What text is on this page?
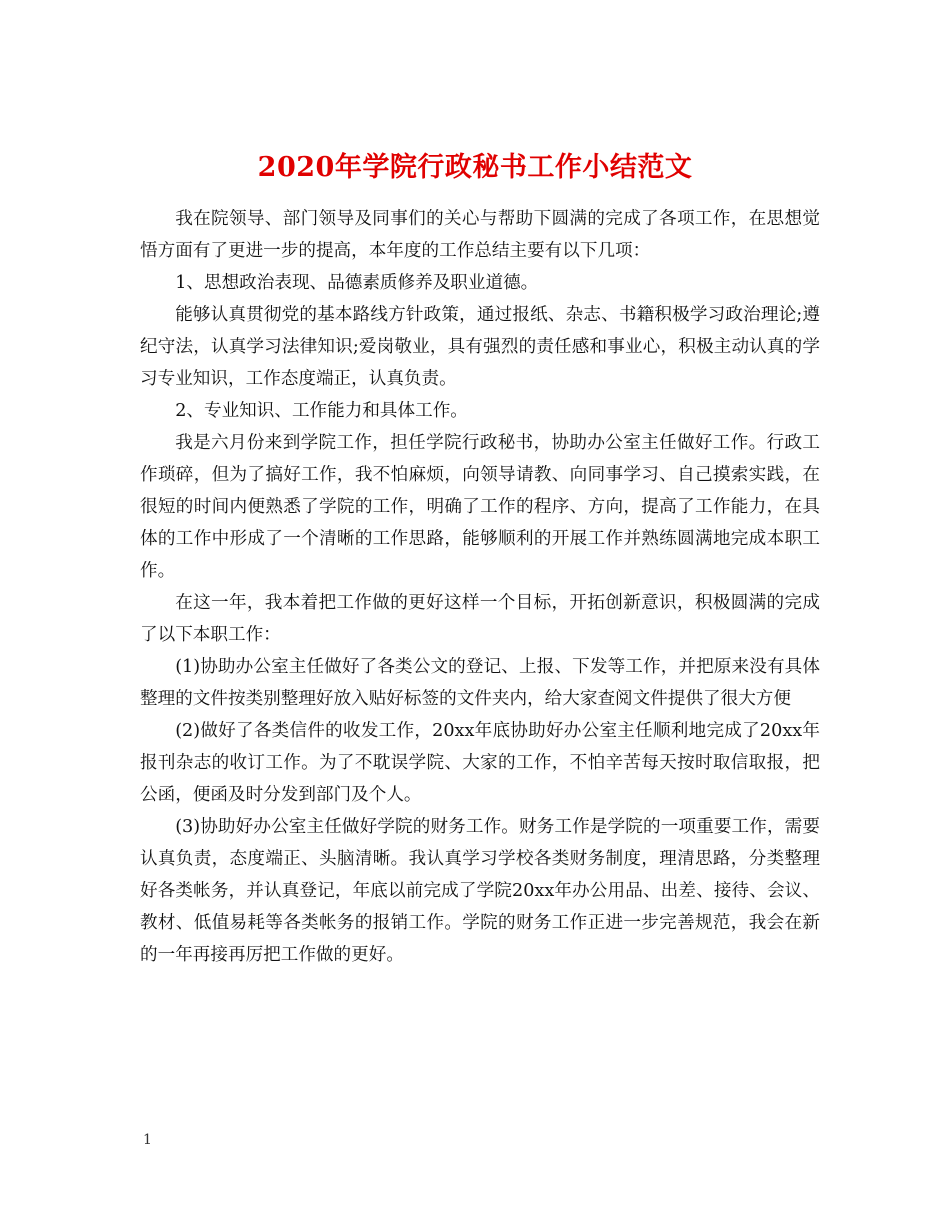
2020年学院行政秘书工作小结范文

我在院领导、部门领导及同事们的关心与帮助下圆满的完成了各项工作，在思想觉悟方面有了更进一步的提高，本年度的工作总结主要有以下几项：

1、思想政治表现、品德素质修养及职业道德。

能够认真贯彻党的基本路线方针政策，通过报纸、杂志、书籍积极学习政治理论;遵纪守法，认真学习法律知识;爱岗敬业，具有强烈的责任感和事业心，积极主动认真的学习专业知识，工作态度端正，认真负责。

2、专业知识、工作能力和具体工作。

我是六月份来到学院工作，担任学院行政秘书，协助办公室主任做好工作。行政工作琐碎，但为了搞好工作，我不怕麻烦，向领导请教、向同事学习、自己摸索实践，在很短的时间内便熟悉了学院的工作，明确了工作的程序、方向，提高了工作能力，在具体的工作中形成了一个清晰的工作思路，能够顺利的开展工作并熟练圆满地完成本职工作。

在这一年，我本着把工作做的更好这样一个目标，开拓创新意识，积极圆满的完成了以下本职工作：

(1)协助办公室主任做好了各类公文的登记、上报、下发等工作，并把原来没有具体整理的文件按类别整理好放入贴好标签的文件夹内，给大家查阅文件提供了很大方便

(2)做好了各类信件的收发工作，20xx年底协助好办公室主任顺利地完成了20xx年报刊杂志的收订工作。为了不耽误学院、大家的工作，不怕辛苦每天按时取信取报，把公函，便函及时分发到部门及个人。

(3)协助好办公室主任做好学院的财务工作。财务工作是学院的一项重要工作，需要认真负责，态度端正、头脑清晰。我认真学习学校各类财务制度，理清思路，分类整理好各类帐务，并认真登记，年底以前完成了学院20xx年办公用品、出差、接待、会议、教材、低值易耗等各类帐务的报销工作。学院的财务工作正进一步完善规范，我会在新的一年再接再厉把工作做的更好。

1
